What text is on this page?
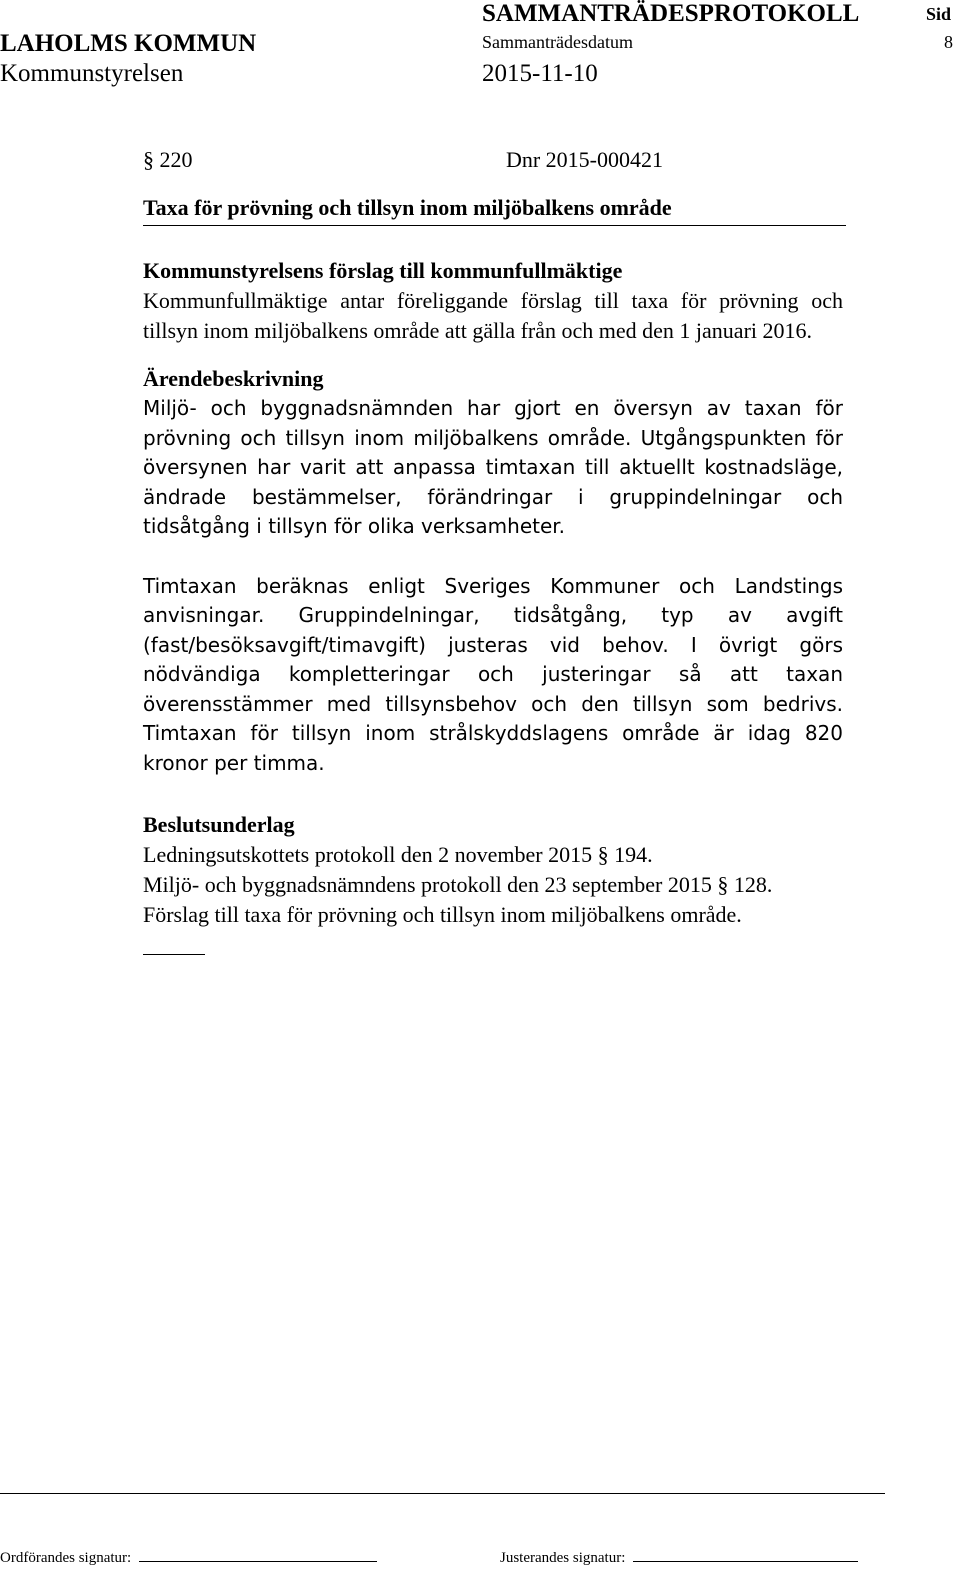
LAHOLMS KOMMUN
Kommunstyrelsen
SAMMANTRÄDESPROTOKOLL
Sammanträdesdatum
2015-11-10
Sid
8
§ 220	Dnr 2015-000421
Taxa för prövning och tillsyn inom miljöbalkens område
Kommunstyrelsens förslag till kommunfullmäktige

Kommunfullmäktige antar föreliggande förslag till taxa för prövning och tillsyn inom miljöbalkens område att gälla från och med den 1 januari 2016.

Ärendebeskrivning

Miljö- och byggnadsnämnden har gjort en översyn av taxan för prövning och tillsyn inom miljöbalkens område. Utgångspunkten för översynen har varit att anpassa timtaxan till aktuellt kostnadsläge, ändrade bestämmelser, förändringar i gruppindelningar och tidsåtgång i tillsyn för olika verksamheter.

Timtaxan beräknas enligt Sveriges Kommuner och Landstings anvisningar. Gruppindelningar, tidsåtgång, typ av avgift (fast/besöksavgift/timavgift) justeras vid behov. I övrigt görs nödvändiga kompletteringar och justeringar så att taxan överensstämmer med tillsynsbehov och den tillsyn som bedrivs. Timtaxan för tillsyn inom strålskyddslagens område är idag 820 kronor per timma.

Beslutsunderlag

Ledningsutskottets protokoll den 2 november 2015 § 194.

Miljö- och byggnadsnämndens protokoll den 23 september 2015 § 128.

Förslag till taxa för prövning och tillsyn inom miljöbalkens område.

Ordförandes signatur:	Justerandes signatur:
